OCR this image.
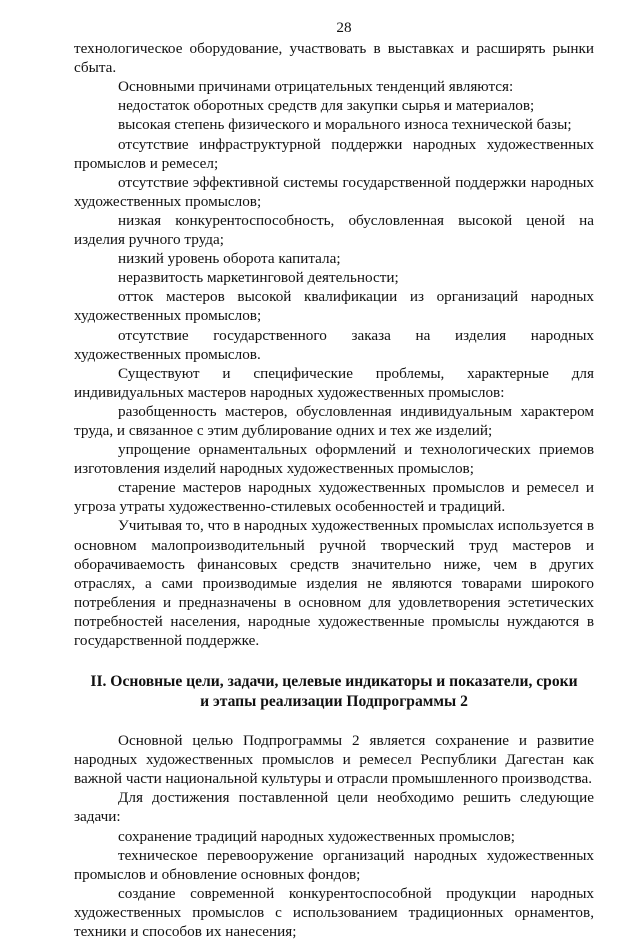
28

технологическое оборудование, участвовать в выставках и расширять рынки сбыта.

Основными причинами отрицательных тенденций являются:

недостаток оборотных средств для закупки сырья и материалов;

высокая степень физического и морального износа технической базы;

отсутствие инфраструктурной поддержки народных художественных промыслов и ремесел;

отсутствие эффективной системы государственной поддержки народных художественных промыслов;

низкая конкурентоспособность, обусловленная высокой ценой на изделия ручного труда;

низкий уровень оборота капитала;

неразвитость маркетинговой деятельности;

отток мастеров высокой квалификации из организаций народных художественных промыслов;

отсутствие государственного заказа на изделия народных художественных промыслов.

Существуют и специфические проблемы, характерные для индивидуальных мастеров народных художественных промыслов:

разобщенность мастеров, обусловленная индивидуальным характером труда, и связанное с этим дублирование одних и тех же изделий;

упрощение орнаментальных оформлений и технологических приемов изготовления изделий народных художественных промыслов;

старение мастеров народных художественных промыслов и ремесел и угроза утраты художественно-стилевых особенностей и традиций.

Учитывая то, что в народных художественных промыслах используется в основном малопроизводительный ручной творческий труд мастеров и оборачиваемость финансовых средств значительно ниже, чем в других отраслях, а сами производимые изделия не являются товарами широкого потребления и предназначены в основном для удовлетворения эстетических потребностей населения, народные художественные промыслы нуждаются в государственной поддержке.

II. Основные цели, задачи, целевые индикаторы и показатели, сроки
и этапы реализации Подпрограммы 2

Основной целью Подпрограммы 2 является сохранение и развитие народных художественных промыслов и ремесел Республики Дагестан как важной части национальной культуры и отрасли промышленного производства.

Для достижения поставленной цели необходимо решить следующие задачи:

сохранение традиций народных художественных промыслов;

техническое перевооружение организаций народных художественных промыслов и обновление основных фондов;

создание современной конкурентоспособной продукции народных художественных промыслов с использованием традиционных орнаментов, техники и способов их нанесения;
